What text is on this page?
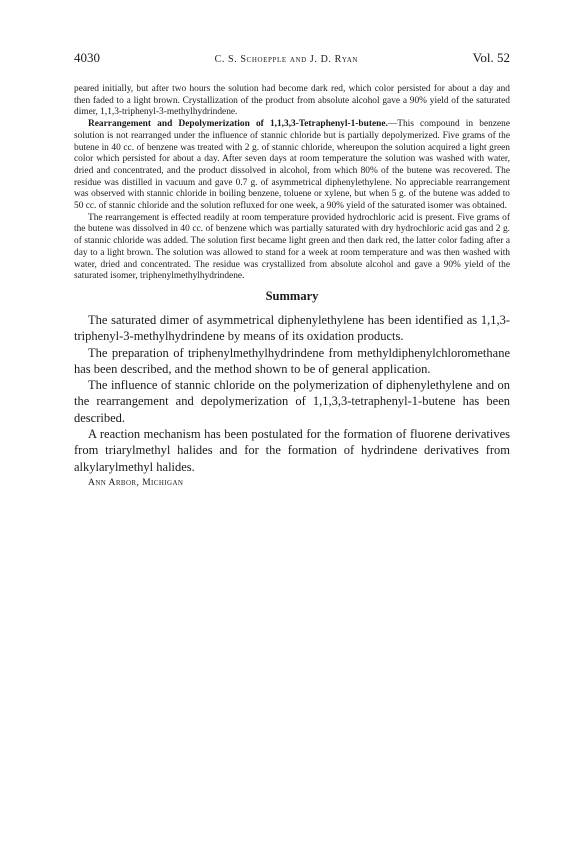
4030	C. S. Schoepple and J. D. Ryan	Vol. 52

peared initially, but after two hours the solution had become dark red, which color persisted for about a day and then faded to a light brown. Crystallization of the product from absolute alcohol gave a 90% yield of the saturated dimer, 1,1,3-triphenyl-3-methylhydrindene.

Rearrangement and Depolymerization of 1,1,3,3-Tetraphenyl-1-butene.—This compound in benzene solution is not rearranged under the influence of stannic chloride but is partially depolymerized. Five grams of the butene in 40 cc. of benzene was treated with 2 g. of stannic chloride, whereupon the solution acquired a light green color which persisted for about a day. After seven days at room temperature the solution was washed with water, dried and concentrated, and the product dissolved in alcohol, from which 80% of the butene was recovered. The residue was distilled in vacuum and gave 0.7 g. of asymmetrical diphenylethylene. No appreciable rearrangement was observed with stannic chloride in boiling benzene, toluene or xylene, but when 5 g. of the butene was added to 50 cc. of stannic chloride and the solution refluxed for one week, a 90% yield of the saturated isomer was obtained.

The rearrangement is effected readily at room temperature provided hydrochloric acid is present. Five grams of the butene was dissolved in 40 cc. of benzene which was partially saturated with dry hydrochloric acid gas and 2 g. of stannic chloride was added. The solution first became light green and then dark red, the latter color fading after a day to a light brown. The solution was allowed to stand for a week at room temperature and was then washed with water, dried and concentrated. The residue was crystallized from absolute alcohol and gave a 90% yield of the saturated isomer, triphenylmethylhydrindene.

Summary

The saturated dimer of asymmetrical diphenylethylene has been identified as 1,1,3-triphenyl-3-methylhydrindene by means of its oxidation products.

The preparation of triphenylmethylhydrindene from methyldiphenylchloromethane has been described, and the method shown to be of general application.

The influence of stannic chloride on the polymerization of diphenylethylene and on the rearrangement and depolymerization of 1,1,3,3-tetraphenyl-1-butene has been described.

A reaction mechanism has been postulated for the formation of fluorene derivatives from triarylmethyl halides and for the formation of hydrindene derivatives from alkylarylmethyl halides.

Ann Arbor, Michigan
